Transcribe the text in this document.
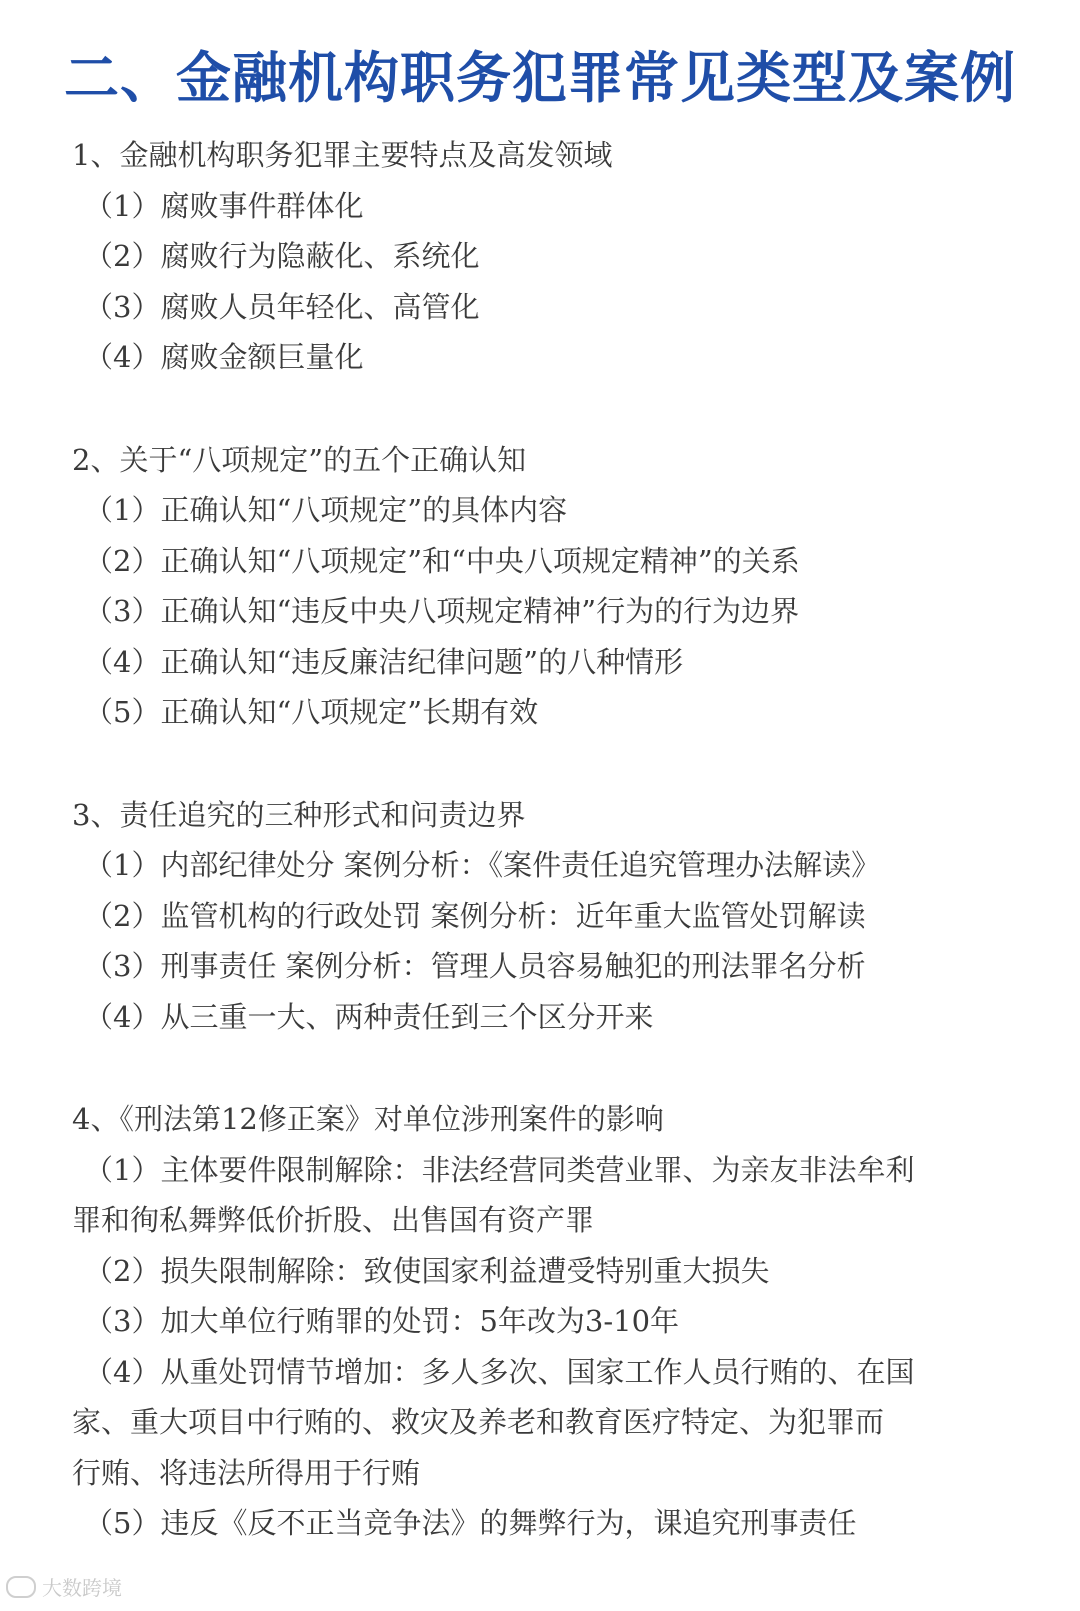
二、金融机构职务犯罪常见类型及案例
1、金融机构职务犯罪主要特点及高发领域
（1）腐败事件群体化
（2）腐败行为隐蔽化、系统化
（3）腐败人员年轻化、高管化
（4）腐败金额巨量化
2、关于“八项规定”的五个正确认知
（1）正确认知“八项规定”的具体内容
（2）正确认知“八项规定”和“中央八项规定精神”的关系
（3）正确认知“违反中央八项规定精神”行为的行为边界
（4）正确认知“违反廉洁纪律问题”的八种情形
（5）正确认知“八项规定”长期有效
3、责任追究的三种形式和问责边界
（1）内部纪律处分 案例分析：《案件责任追究管理办法解读》
（2）监管机构的行政处罚 案例分析：近年重大监管处罚解读
（3）刑事责任 案例分析：管理人员容易触犯的刑法罪名分析
（4）从三重一大、两种责任到三个区分开来
4、《刑法第12修正案》对单位涉刑案件的影响
（1）主体要件限制解除：非法经营同类营业罪、为亲友非法牟利
罪和徇私舞弊低价折股、出售国有资产罪
（2）损失限制解除：致使国家利益遭受特别重大损失
（3）加大单位行贿罪的处罚：5年改为3-10年
（4）从重处罚情节增加：多人多次、国家工作人员行贿的、在国
家、重大项目中行贿的、救灾及养老和教育医疗特定、为犯罪而
行贿、将违法所得用于行贿
（5）违反《反不正当竞争法》的舞弊行为，课追究刑事责任
大数跨境
